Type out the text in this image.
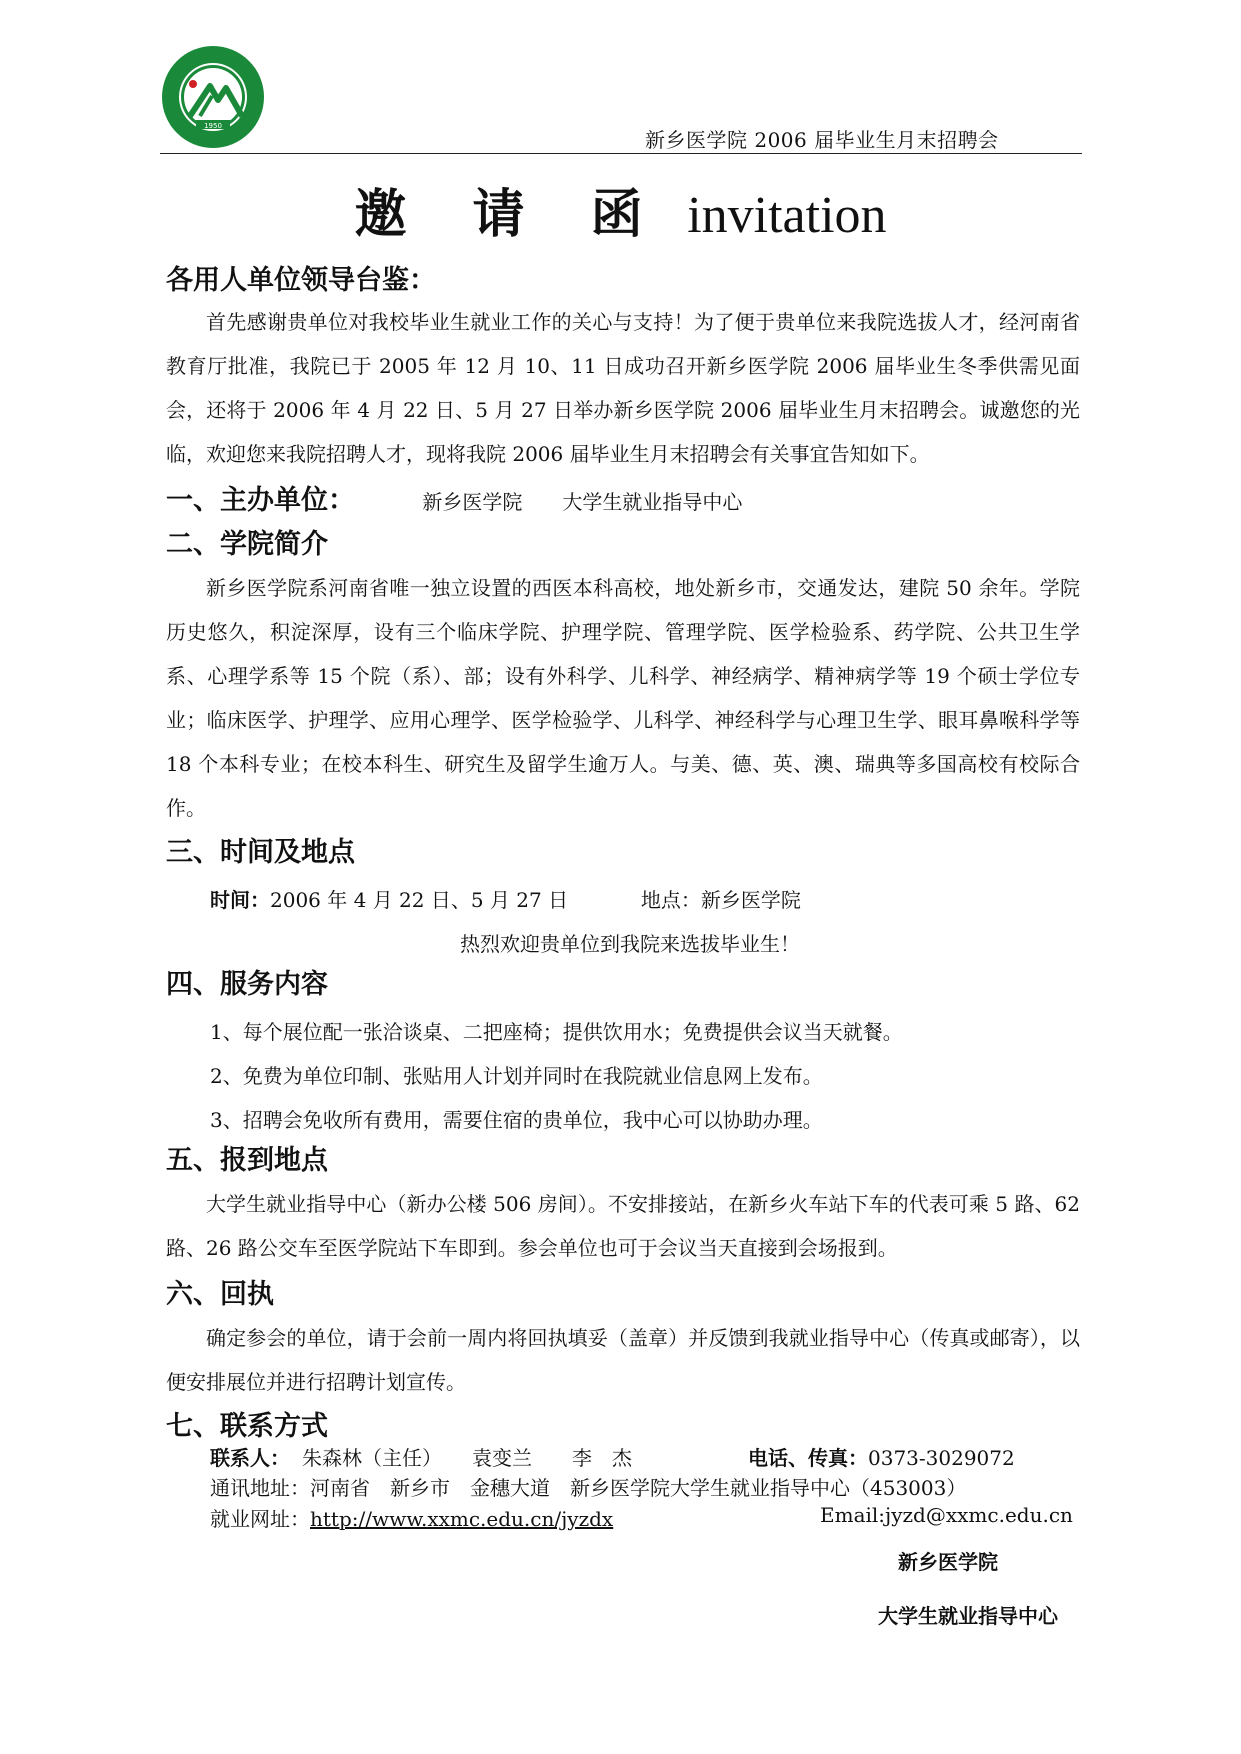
1950
新乡医学院 2006 届毕业生月末招聘会
邀 请 函 invitation
各用人单位领导台鉴：
首先感谢贵单位对我校毕业生就业工作的关心与支持！为了便于贵单位来我院选拔人才，经河南省教育厅批准，我院已于 2005 年 12 月 10、11 日成功召开新乡医学院 2006 届毕业生冬季供需见面会，还将于 2006 年 4 月 22 日、5 月 27 日举办新乡医学院 2006 届毕业生月末招聘会。诚邀您的光临，欢迎您来我院招聘人才，现将我院 2006 届毕业生月末招聘会有关事宜告知如下。
一、主办单位：	新乡医学院　　大学生就业指导中心
二、学院简介
新乡医学院系河南省唯一独立设置的西医本科高校，地处新乡市，交通发达，建院 50 余年。学院历史悠久，积淀深厚，设有三个临床学院、护理学院、管理学院、医学检验系、药学院、公共卫生学系、心理学系等 15 个院（系）、部；设有外科学、儿科学、神经病学、精神病学等 19 个硕士学位专业；临床医学、护理学、应用心理学、医学检验学、儿科学、神经科学与心理卫生学、眼耳鼻喉科学等 18 个本科专业；在校本科生、研究生及留学生逾万人。与美、德、英、澳、瑞典等多国高校有校际合作。
三、时间及地点
时间：2006 年 4 月 22 日、5 月 27 日	地点：新乡医学院
热烈欢迎贵单位到我院来选拔毕业生！
四、服务内容
1、每个展位配一张洽谈桌、二把座椅；提供饮用水；免费提供会议当天就餐。
2、免费为单位印制、张贴用人计划并同时在我院就业信息网上发布。
3、招聘会免收所有费用，需要住宿的贵单位，我中心可以协助办理。
五、报到地点
大学生就业指导中心（新办公楼 506 房间）。不安排接站，在新乡火车站下车的代表可乘 5 路、62 路、26 路公交车至医学院站下车即到。参会单位也可于会议当天直接到会场报到。
六、回执
确定参会的单位，请于会前一周内将回执填妥（盖章）并反馈到我就业指导中心（传真或邮寄），以便安排展位并进行招聘计划宣传。
七、联系方式
联系人： 朱森林（主任）　　袁变兰　　李　杰	电话、传真：0373-3029072
通讯地址：河南省　新乡市　金穗大道　新乡医学院大学生就业指导中心（453003）
就业网址：http://www.xxmc.edu.cn/jyzdx	Email:jyzd@xxmc.edu.cn
新乡医学院
大学生就业指导中心
